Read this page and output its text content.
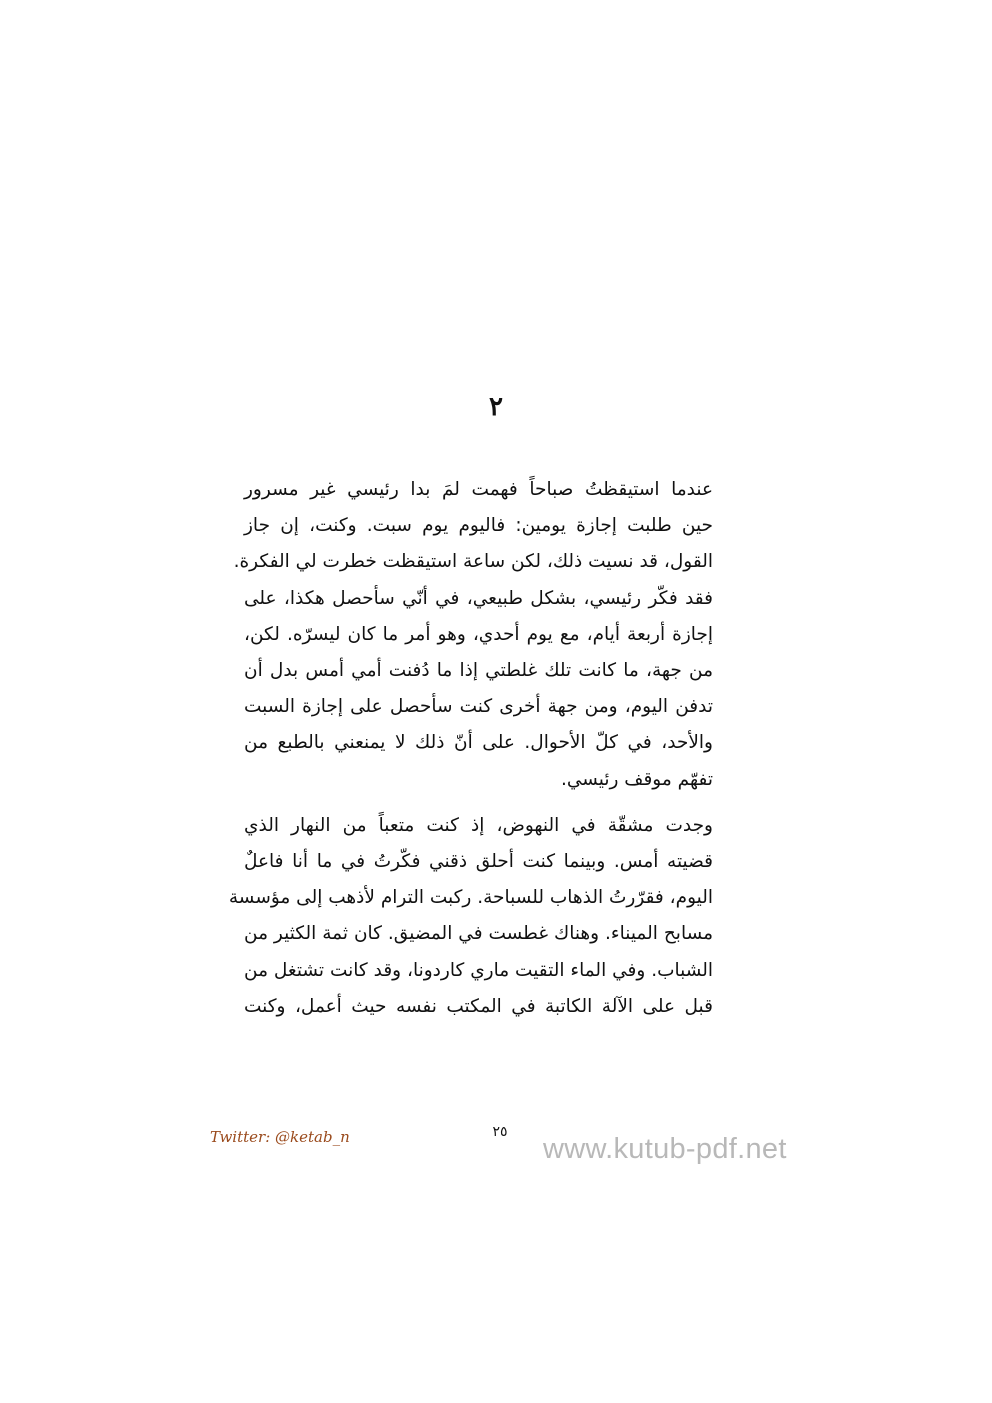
٢

عندما استيقظتُ صباحاً فهمت لمَ بدا رئيسي غير مسرور
حين طلبت إجازة يومين: فاليوم يوم سبت. وكنت، إن جاز
القول، قد نسيت ذلك، لكن ساعة استيقظت خطرت لي الفكرة.
فقد فكّر رئيسي، بشكل طبيعي، في أنّي سأحصل هكذا، على
إجازة أربعة أيام، مع يوم أحدي، وهو أمر ما كان ليسرّه. لكن،
من جهة، ما كانت تلك غلطتي إذا ما دُفنت أمي أمس بدل أن
تدفن اليوم، ومن جهة أخرى كنت سأحصل على إجازة السبت
والأحد، في كلّ الأحوال. على أنّ ذلك لا يمنعني بالطبع من
تفهّم موقف رئيسي.

وجدت مشقّة في النهوض، إذ كنت متعباً من النهار الذي
قضيته أمس. وبينما كنت أحلق ذقني فكّرتُ في ما أنا فاعلٌ
اليوم، فقرّرتُ الذهاب للسباحة. ركبت الترام لأذهب إلى مؤسسة
مسابح الميناء. وهناك غطست في المضيق. كان ثمة الكثير من
الشباب. وفي الماء التقيت ماري كاردونا، وقد كانت تشتغل من
قبل على الآلة الكاتبة في المكتب نفسه حيث أعمل، وكنت

Twitter: @ketab_n	٢٥
www.kutub-pdf.net
